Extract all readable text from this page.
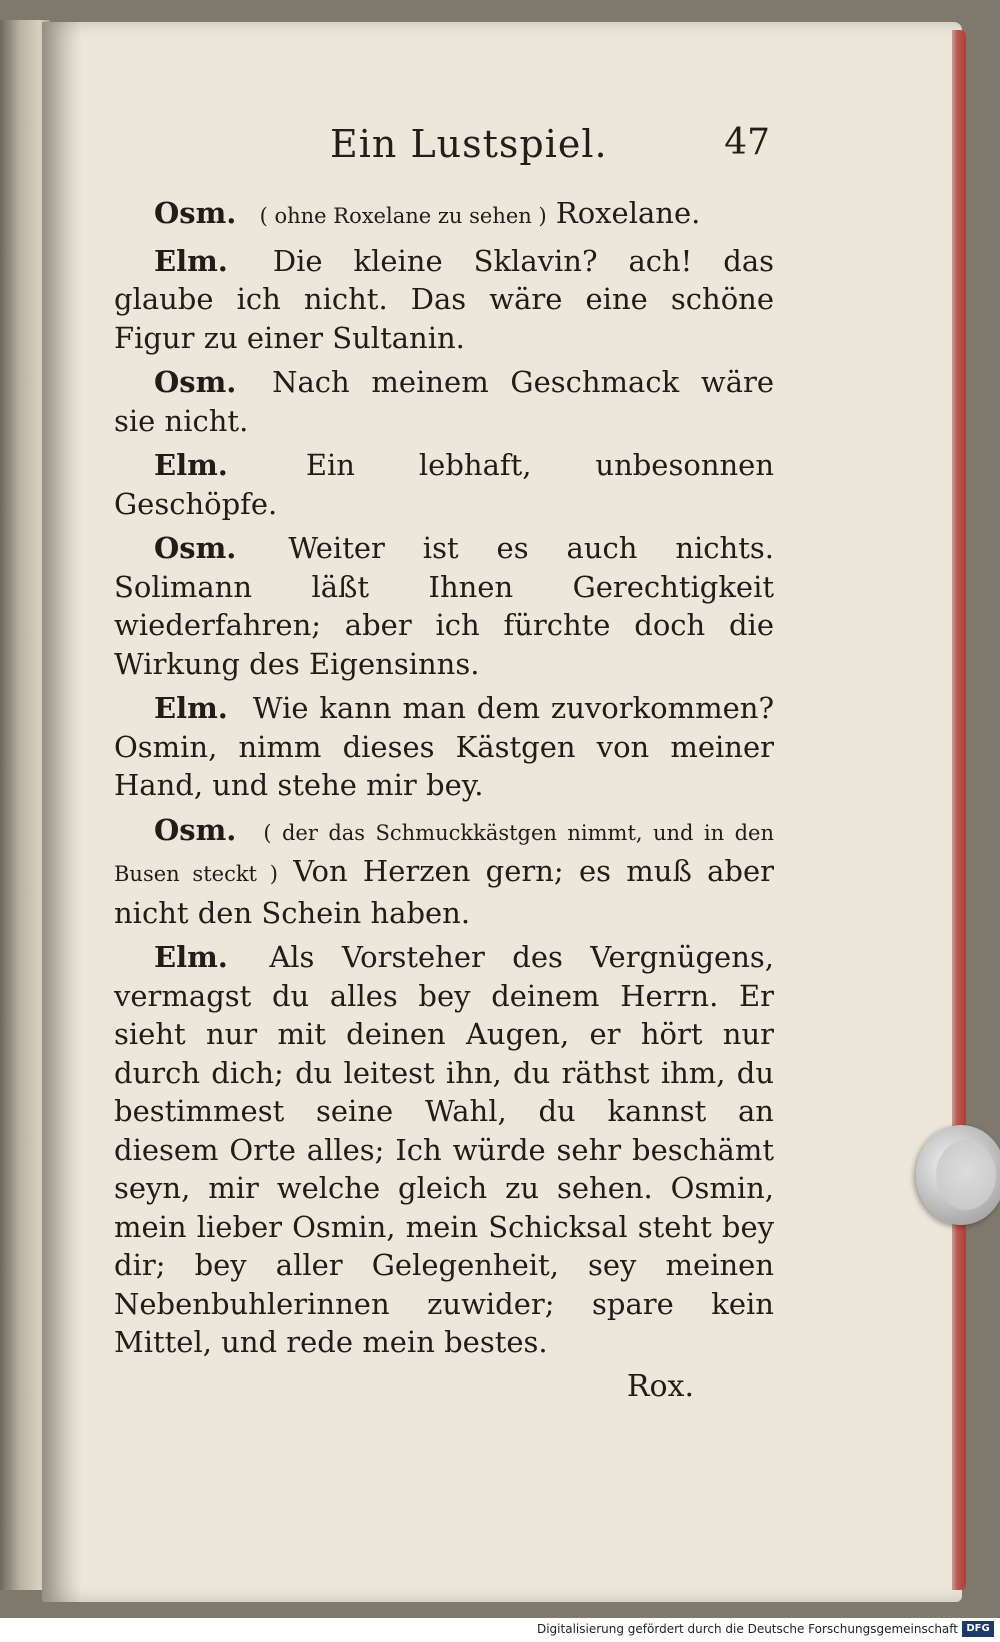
Ein Lustspiel.	47

Osm. ( ohne Roxelane zu sehen ) Roxelane.

Elm. Die kleine Sklavin? ach! das glaube ich nicht. Das wäre eine schöne Figur zu einer Sultanin.

Osm. Nach meinem Geschmack wäre sie nicht.

Elm.	Ein lebhaft, unbesonnen Geschöpfe.

Osm. Weiter ist es auch nichts. Solimann läßt Ihnen Gerechtigkeit wiederfahren; aber ich fürchte doch die Wirkung des Eigensinns.

Elm. Wie kann man dem zuvorkommen? Osmin, nimm dieses Kästgen von meiner Hand, und stehe mir bey.

Osm. ( der das Schmuckkästgen nimmt, und in den Busen steckt ) Von Herzen gern; es muß aber nicht den Schein haben.

Elm. Als Vorsteher des Vergnügens, vermagst du alles bey deinem Herrn. Er sieht nur mit deinen Augen, er hört nur durch dich; du leitest ihn, du räthst ihm, du bestimmest seine Wahl, du kannst an diesem Orte alles; Ich würde sehr beschämt seyn, mir welche gleich zu sehen. Osmin, mein lieber Osmin, mein Schicksal steht bey dir; bey aller Gelegenheit, sey meinen Nebenbuhlerinnen zuwider; spare kein Mittel, und rede mein bestes.

Rox.
Digitalisierung gefördert durch die Deutsche Forschungsgemeinschaft DFG
